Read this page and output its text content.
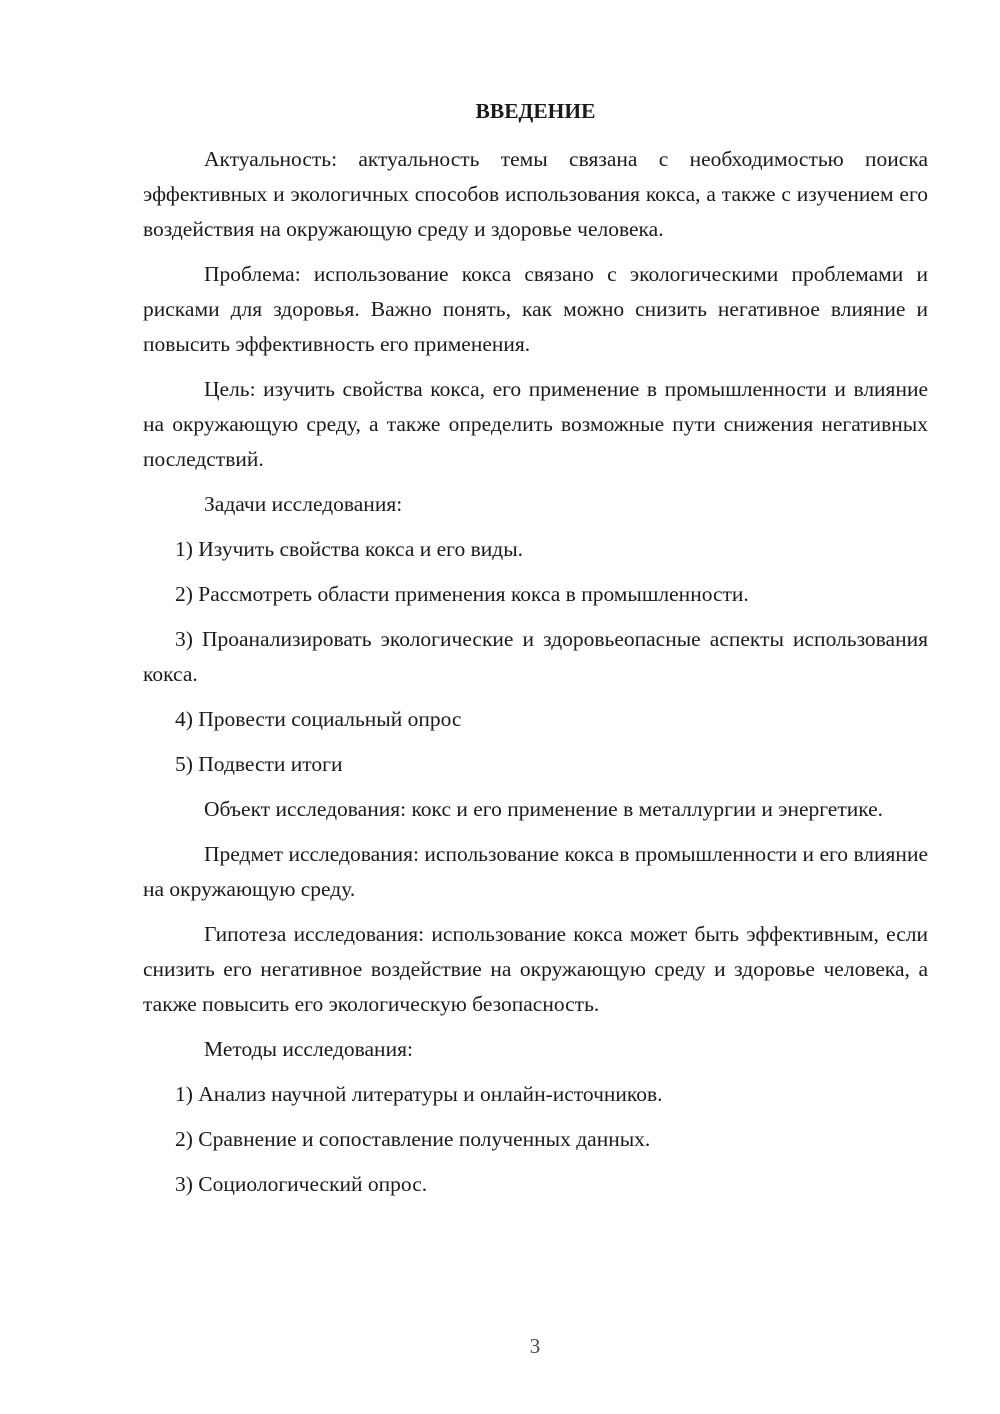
ВВЕДЕНИЕ

Актуальность: актуальность темы связана с необходимостью поиска эффективных и экологичных способов использования кокса, а также с изучением его воздействия на окружающую среду и здоровье человека.

Проблема: использование кокса связано с экологическими проблемами и рисками для здоровья. Важно понять, как можно снизить негативное влияние и повысить эффективность его применения.

Цель: изучить свойства кокса, его применение в промышленности и влияние на окружающую среду, а также определить возможные пути снижения негативных последствий.

Задачи исследования:

1) Изучить свойства кокса и его виды.

2) Рассмотреть области применения кокса в промышленности.

3) Проанализировать экологические и здоровьеопасные аспекты использования кокса.

4) Провести социальный опрос

5) Подвести итоги

Объект исследования: кокс и его применение в металлургии и энергетике.

Предмет исследования: использование кокса в промышленности и его влияние на окружающую среду.

Гипотеза исследования: использование кокса может быть эффективным, если снизить его негативное воздействие на окружающую среду и здоровье человека, а также повысить его экологическую безопасность.

Методы исследования:

1) Анализ научной литературы и онлайн-источников.

2) Сравнение и сопоставление полученных данных.

3) Социологический опрос.

3
